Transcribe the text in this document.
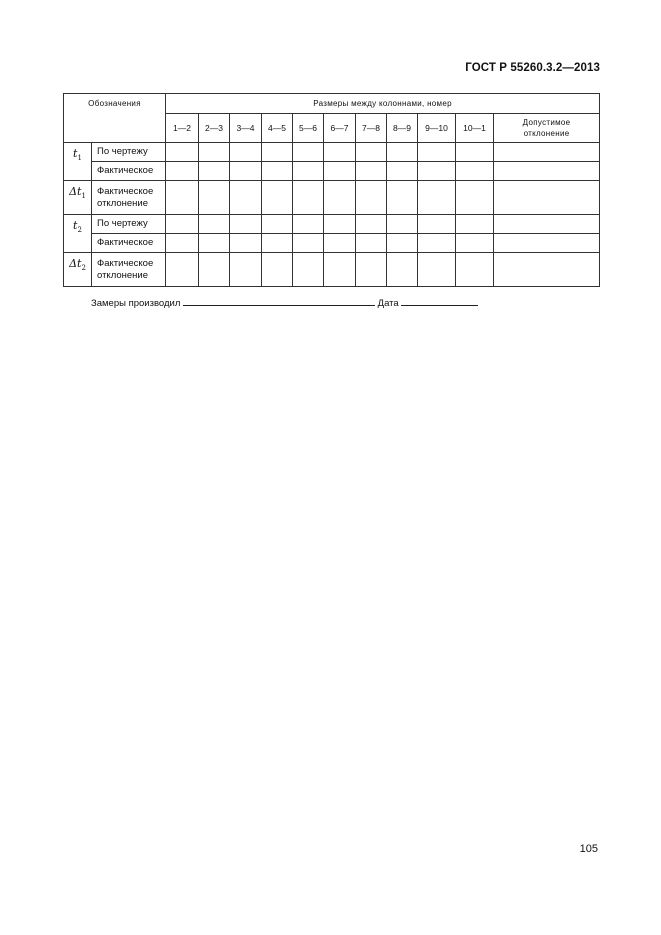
ГОСТ Р 55260.3.2—2013
Обозначения		Размеры между колоннами, номер										
		1—2	2—3	3—4	4—5	5—6	6—7	7—8	8—9	9—10	10—1	Допустимое
отклонение
$t_1$	По чертежу											
	Фактическое											
$\Delta t_1$	Фактическое
отклонение											
$t_2$	По чертежу											
	Фактическое											
$\Delta t_2$	Фактическое
отклонение											
Замеры производил	Дата
105
